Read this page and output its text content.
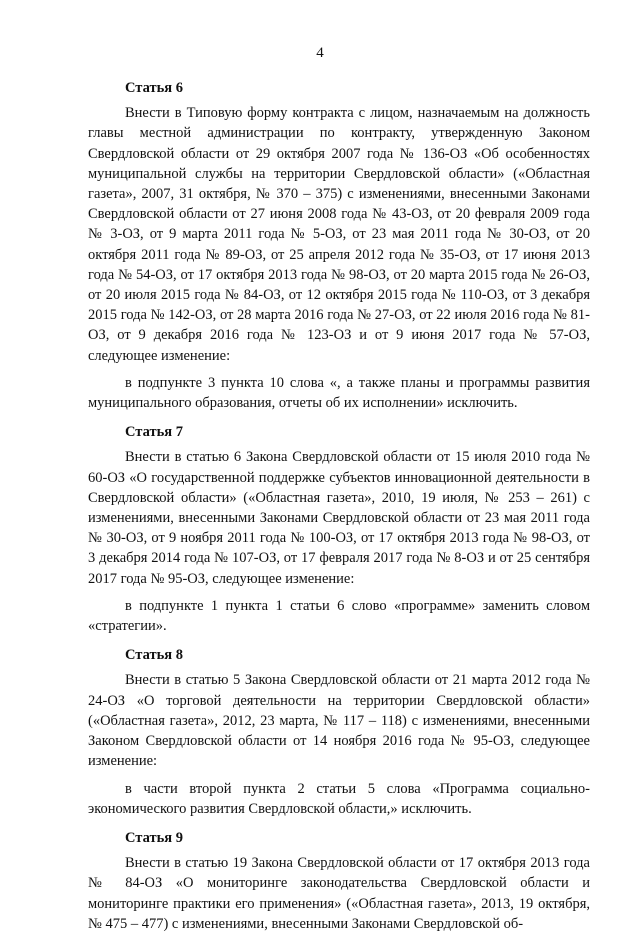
4
Статья 6

Внести в Типовую форму контракта с лицом, назначаемым на должность главы местной администрации по контракту, утвержденную Законом Свердловской области от 29 октября 2007 года № 136-ОЗ «Об особенностях муниципальной службы на территории Свердловской области» («Областная газета», 2007, 31 октября, № 370 – 375) с изменениями, внесенными Законами Свердловской области от 27 июня 2008 года № 43-ОЗ, от 20 февраля 2009 года № 3-ОЗ, от 9 марта 2011 года № 5-ОЗ, от 23 мая 2011 года № 30-ОЗ, от 20 октября 2011 года № 89-ОЗ, от 25 апреля 2012 года № 35-ОЗ, от 17 июня 2013 года № 54-ОЗ, от 17 октября 2013 года № 98-ОЗ, от 20 марта 2015 года № 26-ОЗ, от 20 июля 2015 года № 84-ОЗ, от 12 октября 2015 года № 110-ОЗ, от 3 декабря 2015 года № 142-ОЗ, от 28 марта 2016 года № 27-ОЗ, от 22 июля 2016 года № 81-ОЗ, от 9 декабря 2016 года № 123-ОЗ и от 9 июня 2017 года № 57-ОЗ, следующее изменение:

в подпункте 3 пункта 10 слова «, а также планы и программы развития муниципального образования, отчеты об их исполнении» исключить.

Статья 7

Внести в статью 6 Закона Свердловской области от 15 июля 2010 года № 60-ОЗ «О государственной поддержке субъектов инновационной деятельности в Свердловской области» («Областная газета», 2010, 19 июля, № 253 – 261) с изменениями, внесенными Законами Свердловской области от 23 мая 2011 года № 30-ОЗ, от 9 ноября 2011 года № 100-ОЗ, от 17 октября 2013 года № 98-ОЗ, от 3 декабря 2014 года № 107-ОЗ, от 17 февраля 2017 года № 8-ОЗ и от 25 сентября 2017 года № 95-ОЗ, следующее изменение:

в подпункте 1 пункта 1 статьи 6 слово «программе» заменить словом «стратегии».

Статья 8

Внести в статью 5 Закона Свердловской области от 21 марта 2012 года № 24-ОЗ «О торговой деятельности на территории Свердловской области» («Областная газета», 2012, 23 марта, № 117 – 118) с изменениями, внесенными Законом Свердловской области от 14 ноября 2016 года № 95-ОЗ, следующее изменение:

в части второй пункта 2 статьи 5 слова «Программа социально-экономического развития Свердловской области,» исключить.

Статья 9

Внести в статью 19 Закона Свердловской области от 17 октября 2013 года № 84-ОЗ «О мониторинге законодательства Свердловской области и мониторинге практики его применения» («Областная газета», 2013, 19 октября, № 475 – 477) с изменениями, внесенными Законами Свердловской об-
